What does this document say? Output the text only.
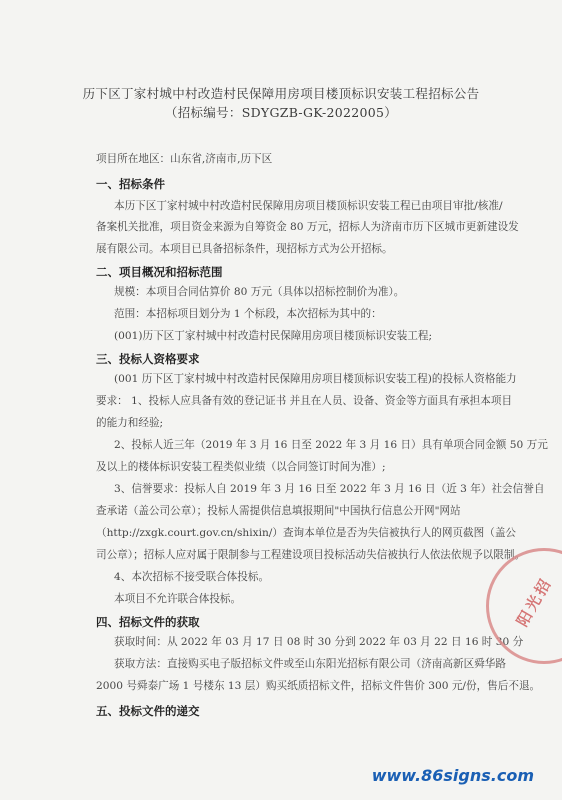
历下区丁家村城中村改造村民保障用房项目楼顶标识安装工程招标公告
（招标编号：SDYGZB-GK-2022005）
项目所在地区：山东省,济南市,历下区
一、招标条件
本历下区丁家村城中村改造村民保障用房项目楼顶标识安装工程已由项目审批/核准/
备案机关批准，项目资金来源为自筹资金 80 万元，招标人为济南市历下区城市更新建设发
展有限公司。本项目已具备招标条件，现招标方式为公开招标。
二、项目概况和招标范围
规模：本项目合同估算价 80 万元（具体以招标控制价为准）。
范围：本招标项目划分为 1 个标段，本次招标为其中的：
(001)历下区丁家村城中村改造村民保障用房项目楼顶标识安装工程;
三、投标人资格要求
(001 历下区丁家村城中村改造村民保障用房项目楼顶标识安装工程)的投标人资格能力
要求： 1、投标人应具备有效的登记证书 并且在人员、设备、资金等方面具有承担本项目
的能力和经验;
2、投标人近三年（2019 年 3 月 16 日至 2022 年 3 月 16 日）具有单项合同金额 50 万元
及以上的楼体标识安装工程类似业绩（以合同签订时间为准）;
3、信誉要求：投标人自 2019 年 3 月 16 日至 2022 年 3 月 16 日（近 3 年）社会信誉自
查承诺（盖公司公章）；投标人需提供信息填报期间"中国执行信息公开网"网站
（http://zxgk.court.gov.cn/shixin/）查询本单位是否为失信被执行人的网页截图（盖公
司公章）；招标人应对属于限制参与工程建设项目投标活动失信被执行人依法依规予以限制。
4、本次招标不接受联合体投标。
本项目不允许联合体投标。
四、招标文件的获取
获取时间：从 2022 年 03 月 17 日 08 时 30 分到 2022 年 03 月 22 日 16 时 30 分
获取方法：直接购买电子版招标文件或至山东阳光招标有限公司（济南高新区舜华路
2000 号舜泰广场 1 号楼东 13 层）购买纸质招标文件，招标文件售价 300 元/份，售后不退。
五、投标文件的递交
阳光招
www.86signs.com
